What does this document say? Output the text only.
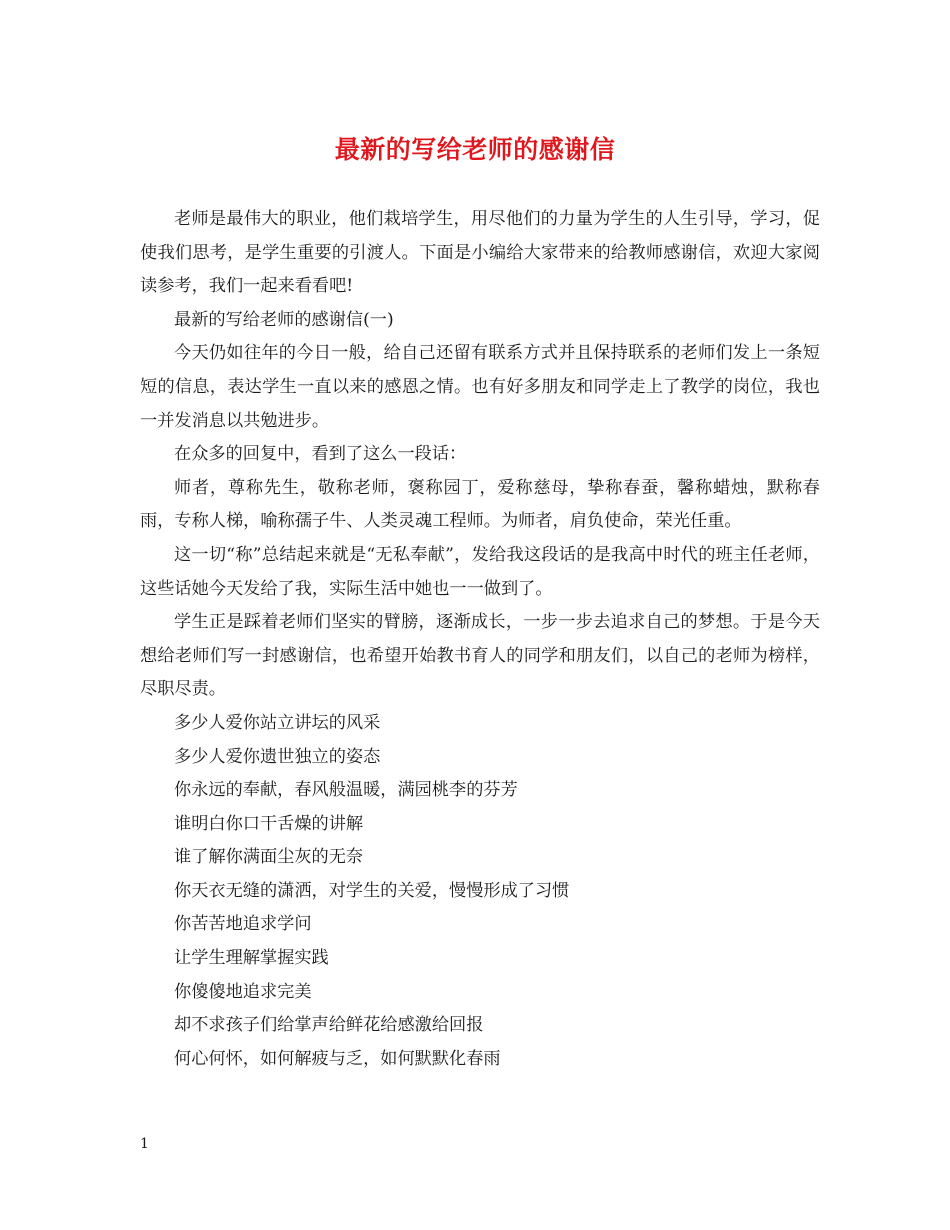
最新的写给老师的感谢信

老师是最伟大的职业，他们栽培学生，用尽他们的力量为学生的人生引导，学习，促使我们思考，是学生重要的引渡人。下面是小编给大家带来的给教师感谢信，欢迎大家阅读参考，我们一起来看看吧!

最新的写给老师的感谢信(一)

今天仍如往年的今日一般，给自己还留有联系方式并且保持联系的老师们发上一条短短的信息，表达学生一直以来的感恩之情。也有好多朋友和同学走上了教学的岗位，我也一并发消息以共勉进步。

在众多的回复中，看到了这么一段话：

师者，尊称先生，敬称老师，褒称园丁，爱称慈母，挚称春蚕，馨称蜡烛，默称春雨，专称人梯，喻称孺子牛、人类灵魂工程师。为师者，肩负使命，荣光任重。

这一切“称”总结起来就是“无私奉献”，发给我这段话的是我高中时代的班主任老师，这些话她今天发给了我，实际生活中她也一一做到了。

学生正是踩着老师们坚实的臂膀，逐渐成长，一步一步去追求自己的梦想。于是今天想给老师们写一封感谢信，也希望开始教书育人的同学和朋友们，以自己的老师为榜样，尽职尽责。

多少人爱你站立讲坛的风采

多少人爱你遗世独立的姿态

你永远的奉献，春风般温暖，满园桃李的芬芳

谁明白你口干舌燥的讲解

谁了解你满面尘灰的无奈

你天衣无缝的潇洒，对学生的关爱，慢慢形成了习惯

你苦苦地追求学问

让学生理解掌握实践

你傻傻地追求完美

却不求孩子们给掌声给鲜花给感激给回报

何心何怀，如何解疲与乏，如何默默化春雨

1
